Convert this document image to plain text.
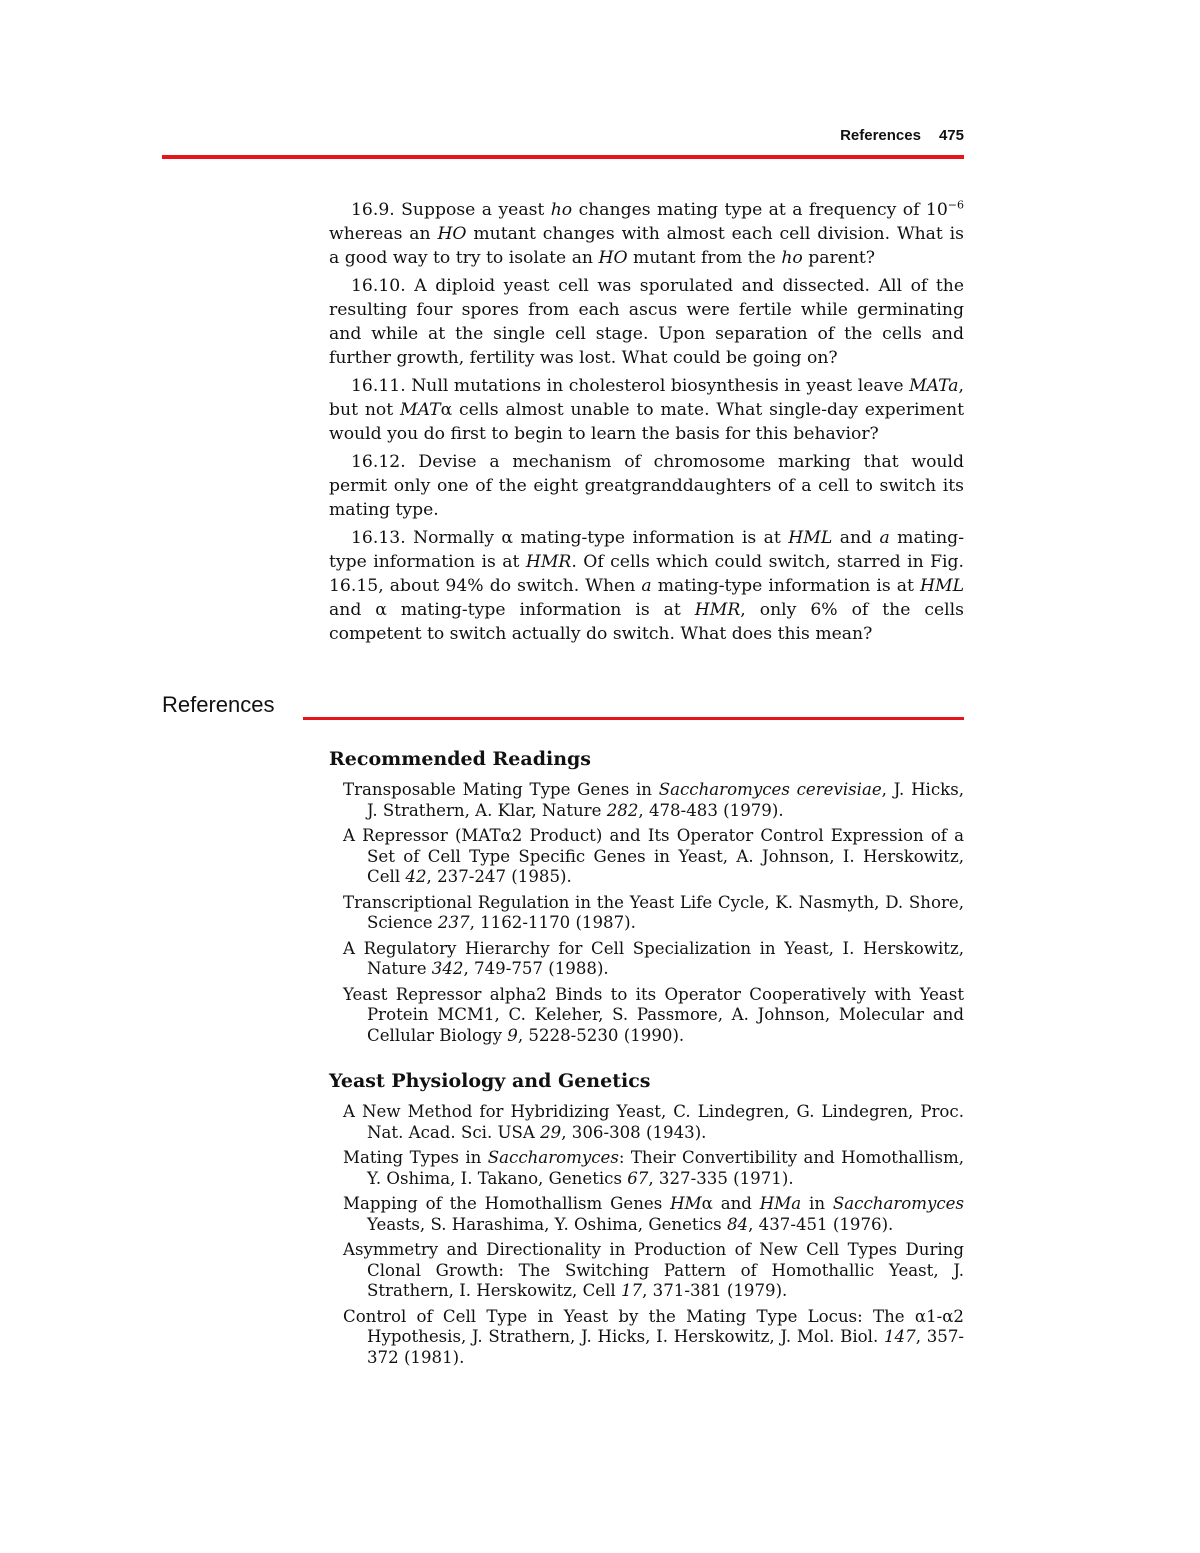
References 475

16.9. Suppose a yeast ho changes mating type at a frequency of $10^{-6}$ whereas an HO mutant changes with almost each cell division. What is a good way to try to isolate an HO mutant from the ho parent?

16.10. A diploid yeast cell was sporulated and dissected. All of the resulting four spores from each ascus were fertile while germinating and while at the single cell stage. Upon separation of the cells and further growth, fertility was lost. What could be going on?

16.11. Null mutations in cholesterol biosynthesis in yeast leave MATa, but not MATα cells almost unable to mate. What single-day experiment would you do first to begin to learn the basis for this behavior?

16.12. Devise a mechanism of chromosome marking that would permit only one of the eight greatgranddaughters of a cell to switch its mating type.

16.13. Normally α mating-type information is at HML and a mating-type information is at HMR. Of cells which could switch, starred in Fig. 16.15, about 94% do switch. When a mating-type information is at HML and α mating-type information is at HMR, only 6% of the cells competent to switch actually do switch. What does this mean?

References
Recommended Readings
Transposable Mating Type Genes in Saccharomyces cerevisiae, J. Hicks, J. Strathern, A. Klar, Nature 282, 478-483 (1979).
A Repressor (MATα2 Product) and Its Operator Control Expression of a Set of Cell Type Specific Genes in Yeast, A. Johnson, I. Herskowitz, Cell 42, 237-247 (1985).
Transcriptional Regulation in the Yeast Life Cycle, K. Nasmyth, D. Shore, Science 237, 1162-1170 (1987).
A Regulatory Hierarchy for Cell Specialization in Yeast, I. Herskowitz, Nature 342, 749-757 (1988).
Yeast Repressor alpha2 Binds to its Operator Cooperatively with Yeast Protein MCM1, C. Keleher, S. Passmore, A. Johnson, Molecular and Cellular Biology 9, 5228-5230 (1990).
Yeast Physiology and Genetics
A New Method for Hybridizing Yeast, C. Lindegren, G. Lindegren, Proc. Nat. Acad. Sci. USA 29, 306-308 (1943).
Mating Types in Saccharomyces: Their Convertibility and Homothallism, Y. Oshima, I. Takano, Genetics 67, 327-335 (1971).
Mapping of the Homothallism Genes HMα and HMa in Saccharomyces Yeasts, S. Harashima, Y. Oshima, Genetics 84, 437-451 (1976).
Asymmetry and Directionality in Production of New Cell Types During Clonal Growth: The Switching Pattern of Homothallic Yeast, J. Strathern, I. Herskowitz, Cell 17, 371-381 (1979).
Control of Cell Type in Yeast by the Mating Type Locus: The α1-α2 Hypothesis, J. Strathern, J. Hicks, I. Herskowitz, J. Mol. Biol. 147, 357-372 (1981).
